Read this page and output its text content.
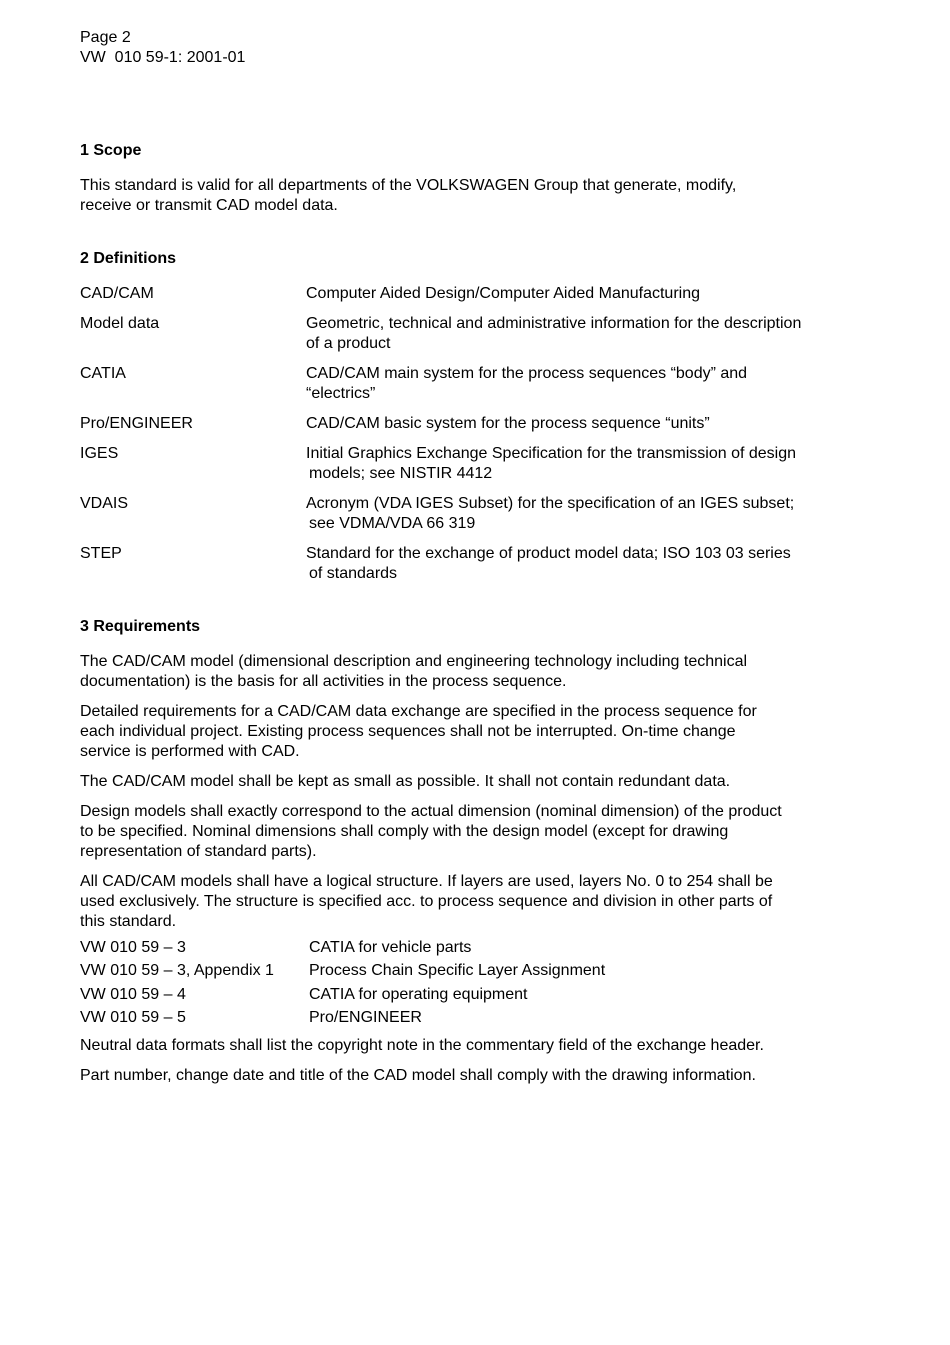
Page 2
VW  010 59-1: 2001-01
1 Scope
This standard is valid for all departments of the VOLKSWAGEN Group that generate, modify,
receive or transmit CAD model data.
2 Definitions
CAD/CAM	Computer Aided Design/Computer Aided Manufacturing
Model data	Geometric, technical and administrative information for the description
of a product
CATIA	CAD/CAM main system for the process sequences “body” and
“electrics”
Pro/ENGINEER	CAD/CAM basic system for the process sequence “units”
IGES	Initial Graphics Exchange Specification for the transmission of design
models; see NISTIR 4412
VDAIS	Acronym (VDA IGES Subset) for the specification of an IGES subset;
see VDMA/VDA 66 319
STEP	Standard for the exchange of product model data; ISO 103 03 series
of standards
3 Requirements
The CAD/CAM model (dimensional description and engineering technology including technical
documentation) is the basis for all activities in the process sequence.
Detailed requirements for a CAD/CAM data exchange are specified in the process sequence for
each individual project. Existing process sequences shall not be interrupted. On-time change
service is performed with CAD.
The CAD/CAM model shall be kept as small as possible. It shall not contain redundant data.
Design models shall exactly correspond to the actual dimension (nominal dimension) of the product
to be specified. Nominal dimensions shall comply with the design model (except for drawing
representation of standard parts).
All CAD/CAM models shall have a logical structure. If layers are used, layers No. 0 to 254 shall be
used exclusively. The structure is specified acc. to process sequence and division in other parts of
this standard.
VW 010 59 – 3	CATIA for vehicle parts
VW 010 59 – 3, Appendix 1 Process Chain Specific Layer Assignment
VW 010 59 – 4	CATIA for operating equipment
VW 010 59 – 5	Pro/ENGINEER
Neutral data formats shall list the copyright note in the commentary field of the exchange header.
Part number, change date and title of the CAD model shall comply with the drawing information.
